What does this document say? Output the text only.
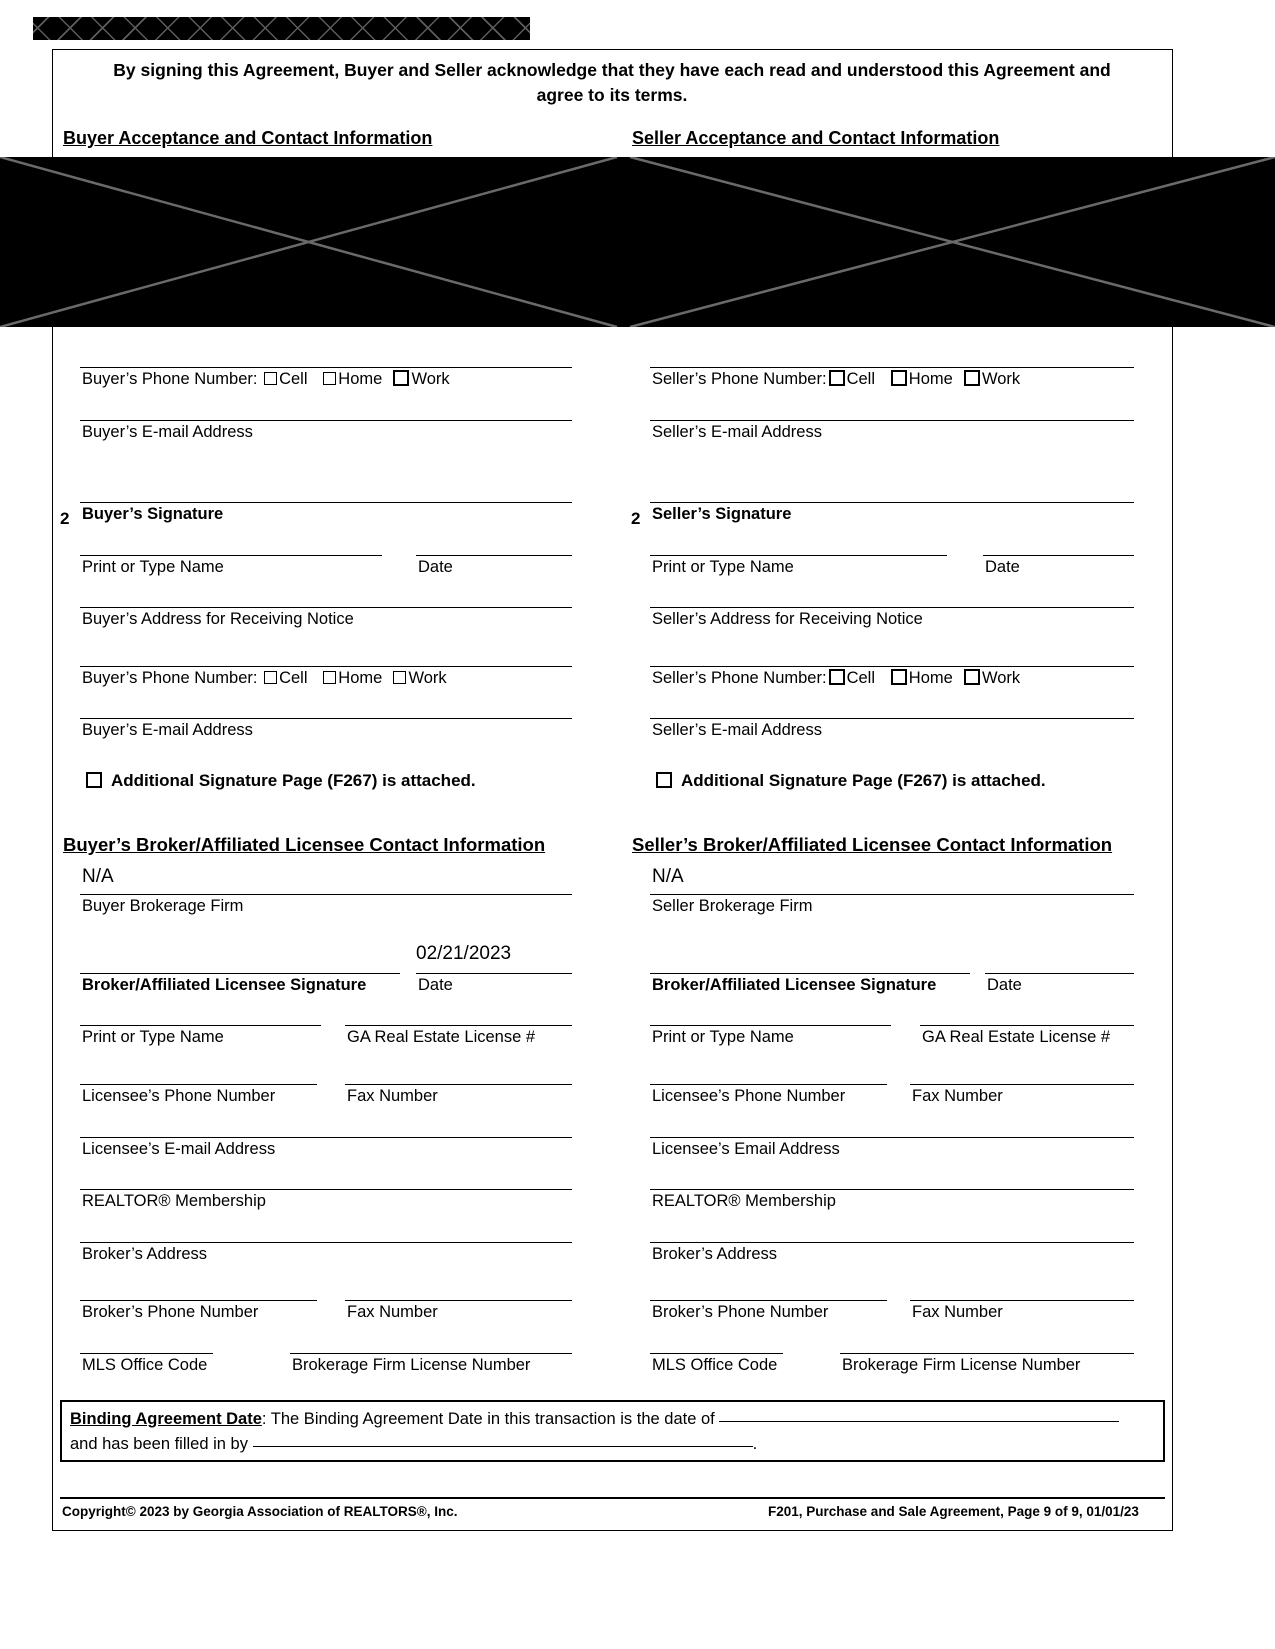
By signing this Agreement, Buyer and Seller acknowledge that they have each read and understood this Agreement and agree to its terms.
Buyer Acceptance and Contact Information	Seller Acceptance and Contact Information
Buyer’s Phone Number: Cell Home Work
Buyer’s E-mail Address
Seller’s Phone Number: Cell Home Work
Seller’s E-mail Address
2 Buyer’s Signature
Print or Type Name	Date
Buyer’s Address for Receiving Notice
Buyer’s Phone Number: Cell Home Work
Buyer’s E-mail Address
Additional Signature Page (F267) is attached.
2 Seller’s Signature
Print or Type Name	Date
Seller’s Address for Receiving Notice
Seller’s Phone Number: Cell Home Work
Seller’s E-mail Address
Additional Signature Page (F267) is attached.
Buyer’s Broker/Affiliated Licensee Contact Information	Seller’s Broker/Affiliated Licensee Contact Information
N/A
Buyer Brokerage Firm
Broker/Affiliated Licensee Signature
02/21/2023
Date
Print or Type Name	GA Real Estate License #
Licensee’s Phone Number	Fax Number
Licensee’s E-mail Address
REALTOR® Membership
Broker’s Address
Broker’s Phone Number	Fax Number
MLS Office Code	Brokerage Firm License Number
N/A
Seller Brokerage Firm
Broker/Affiliated Licensee Signature	Date
Print or Type Name	GA Real Estate License #
Licensee’s Phone Number	Fax Number
Licensee’s Email Address
REALTOR® Membership
Broker’s Address
Broker’s Phone Number	Fax Number
MLS Office Code	Brokerage Firm License Number
Binding Agreement Date: The Binding Agreement Date in this transaction is the date of
and has been filled in by	.
Copyright© 2023 by Georgia Association of REALTORS®, Inc.	F201, Purchase and Sale Agreement, Page 9 of 9, 01/01/23
